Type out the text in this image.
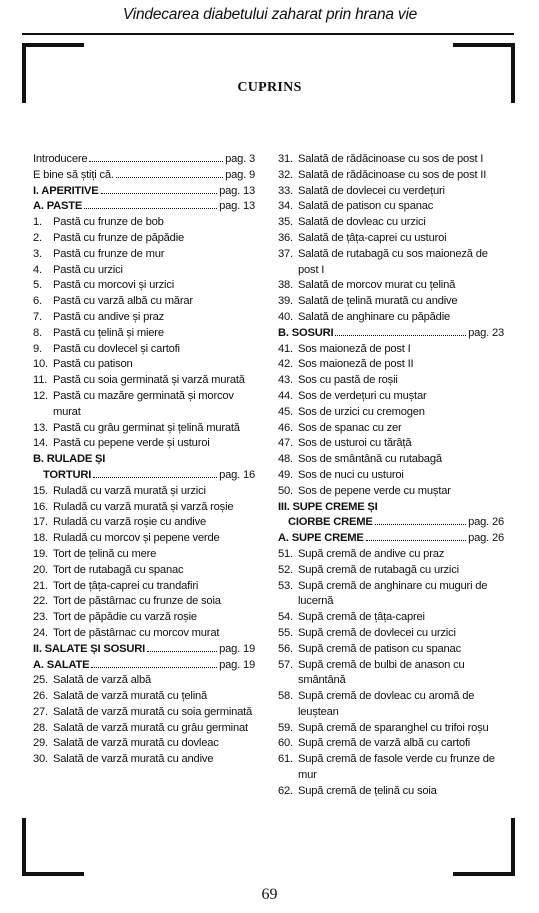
Vindecarea diabetului zaharat prin hrana vie
CUPRINS
Introducere	pag. 3
E bine să știți că.	pag. 9
I. APERITIVE	pag. 13
A. PASTE	pag. 13
1. Pastă cu frunze de bob
2. Pastă cu frunze de păpădie
3. Pastă cu frunze de mur
4. Pastă cu urzici
5. Pastă cu morcovi și urzici
6. Pastă cu varză albă cu mărar
7. Pastă cu andive și praz
8. Pastă cu țelină și miere
9. Pastă cu dovlecel și cartofi
10. Pastă cu patison
11. Pastă cu soia germinată și varză murată
12. Pastă cu mazăre germinată și morcov murat
13. Pastă cu grâu germinat și țelină murată
14. Pastă cu pepene verde și usturoi
B. RULADE ȘI
TORTURI	pag. 16
15. Ruladă cu varză murată și urzici
16. Ruladă cu varză murată și varză roșie
17. Ruladă cu varză roșie cu andive
18. Ruladă cu morcov și pepene verde
19. Tort de țelină cu mere
20. Tort de rutabagă cu spanac
21. Tort de țâța-caprei cu trandafiri
22. Tort de păstârnac cu frunze de soia
23. Tort de păpădie cu varză roșie
24. Tort de păstârnac cu morcov murat
II. SALATE ȘI SOSURI	pag. 19
A. SALATE	pag. 19
25. Salată de varză albă
26. Salată de varză murată cu țelină
27. Salată de varză murată cu soia germinată
28. Salată de varză murată cu grâu germinat
29. Salată de varză murată cu dovleac
30. Salată de varză murată cu andive
31. Salată de rădăcinoase cu sos de post I
32. Salată de rădăcinoase cu sos de post II
33. Salată de dovlecei cu verdețuri
34. Salată de patison cu spanac
35. Salată de dovleac cu urzici
36. Salată de țâța-caprei cu usturoi
37. Salată de rutabagă cu sos maioneză de post I
38. Salată de morcov murat cu țelină
39. Salată de țelină murată cu andive
40. Salată de anghinare cu păpădie
B. SOSURI	pag. 23
41. Sos maioneză de post I
42. Sos maioneză de post II
43. Sos cu pastă de roșii
44. Sos de verdețuri cu muștar
45. Sos de urzici cu cremogen
46. Sos de spanac cu zer
47. Sos de usturoi cu tărâță
48. Sos de smântână cu rutabagă
49. Sos de nuci cu usturoi
50. Sos de pepene verde cu muștar
III. SUPE CREME ȘI
CIORBE CREME	pag. 26
A. SUPE CREME	pag. 26
51. Supă cremă de andive cu praz
52. Supă cremă de rutabagă cu urzici
53. Supă cremă de anghinare cu muguri de lucernă
54. Supă cremă de țâța-caprei
55. Supă cremă de dovlecei cu urzici
56. Supă cremă de patison cu spanac
57. Supă cremă de bulbi de anason cu smântână
58. Supă cremă de dovleac cu aromă de leuștean
59. Supă cremă de sparanghel cu trifoi roșu
60. Supă cremă de varză albă cu cartofi
61. Supă cremă de fasole verde cu frunze de mur
62. Supă cremă de țelină cu soia
69
